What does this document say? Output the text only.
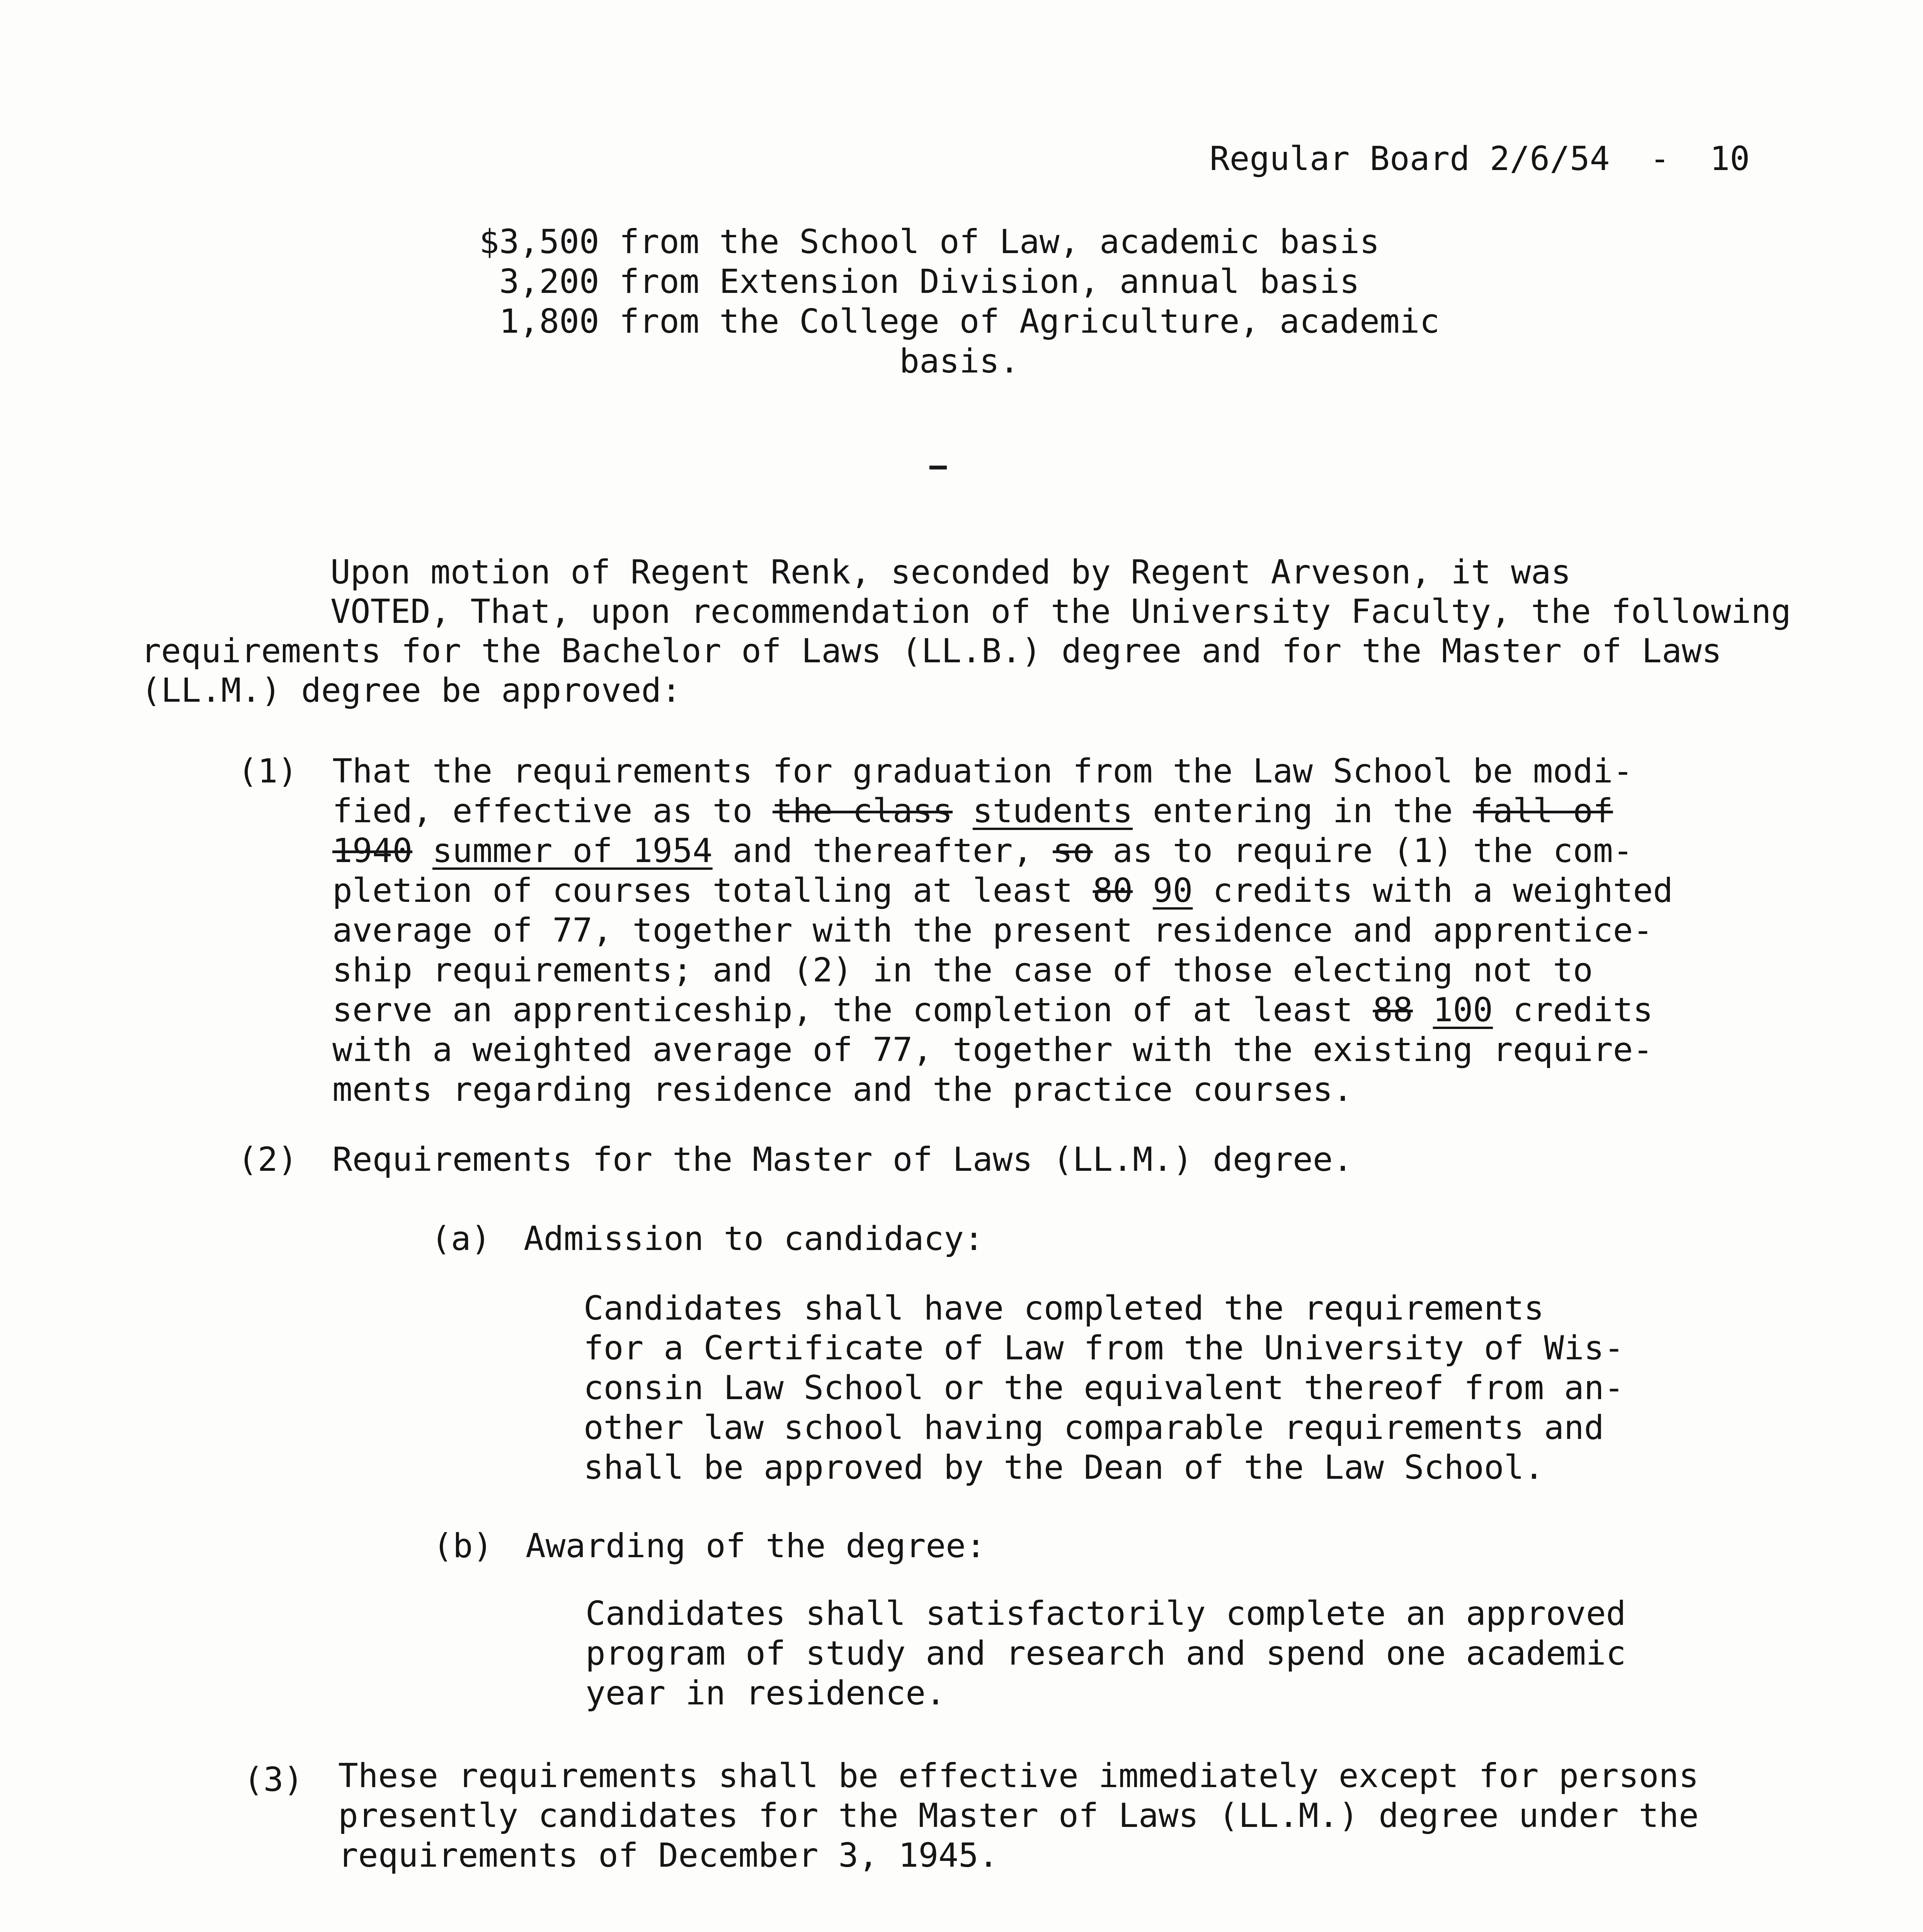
Regular Board 2/6/54  -  10
$3,500 from the School of Law, academic basis
3,200 from Extension Division, annual basis
1,800 from the College of Agriculture, academic
basis.
Upon motion of Regent Renk, seconded by Regent Arveson, it was
VOTED, That, upon recommendation of the University Faculty, the following
requirements for the Bachelor of Laws (LL.B.) degree and for the Master of Laws
(LL.M.) degree be approved:
(1) That the requirements for graduation from the Law School be modi-
fied, effective as to the class students entering in the fall of
1940 summer of 1954 and thereafter, so as to require (1) the com-
pletion of courses totalling at least 80 90 credits with a weighted
average of 77, together with the present residence and apprentice-
ship requirements; and (2) in the case of those electing not to
serve an apprenticeship, the completion of at least 88 100 credits
with a weighted average of 77, together with the existing require-
ments regarding residence and the practice courses.
(2) Requirements for the Master of Laws (LL.M.) degree.
(a) Admission to candidacy:
Candidates shall have completed the requirements
for a Certificate of Law from the University of Wis-
consin Law School or the equivalent thereof from an-
other law school having comparable requirements and
shall be approved by the Dean of the Law School.
(b) Awarding of the degree:
Candidates shall satisfactorily complete an approved
program of study and research and spend one academic
year in residence.
(3) These requirements shall be effective immediately except for persons
presently candidates for the Master of Laws (LL.M.) degree under the
requirements of December 3, 1945.
